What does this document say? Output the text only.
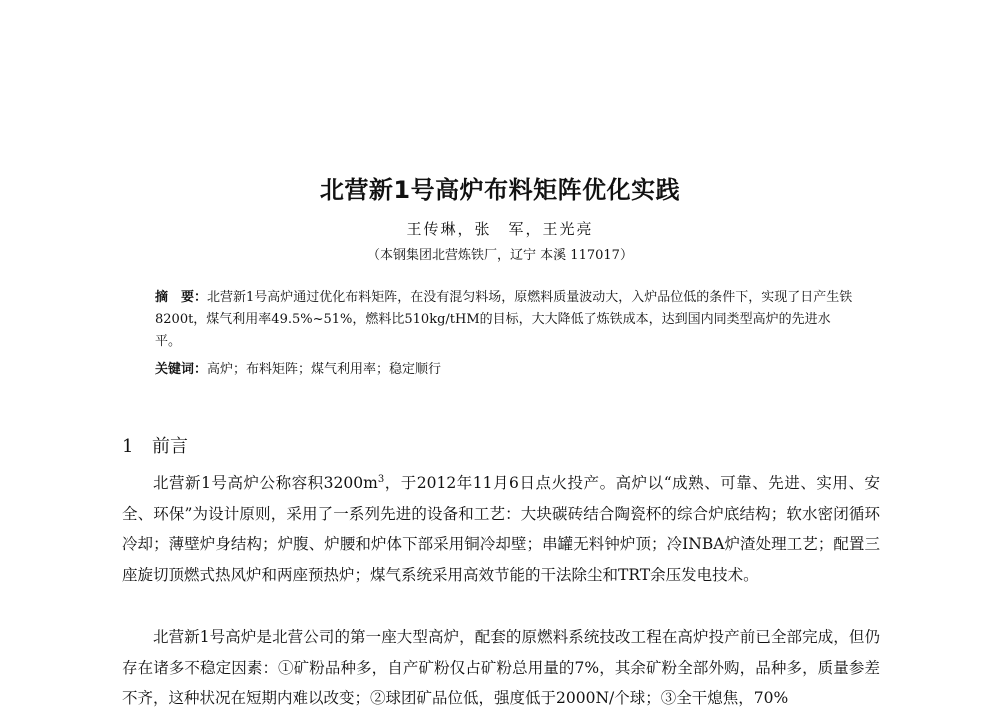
北营新1号高炉布料矩阵优化实践
王传琳，张　军，王光亮
（本钢集团北营炼铁厂，辽宁 本溪 117017）

摘　要：北营新1号高炉通过优化布料矩阵，在没有混匀料场，原燃料质量波动大，入炉品位低的条件下，实现了日产生铁8200t，煤气利用率49.5%~51%，燃料比510kg/tHM的目标，大大降低了炼铁成本，达到国内同类型高炉的先进水平。

关键词：高炉；布料矩阵；煤气利用率；稳定顺行

1 前言

北营新1号高炉公称容积$3200m^3$，于2012年11月6日点火投产。高炉以“成熟、可靠、先进、实用、安全、环保”为设计原则，采用了一系列先进的设备和工艺：大块碳砖结合陶瓷杯的综合炉底结构；软水密闭循环冷却；薄壁炉身结构；炉腹、炉腰和炉体下部采用铜冷却壁；串罐无料钟炉顶；冷INBA炉渣处理工艺；配置三座旋切顶燃式热风炉和两座预热炉；煤气系统采用高效节能的干法除尘和TRT余压发电技术。

北营新1号高炉是北营公司的第一座大型高炉，配套的原燃料系统技改工程在高炉投产前已全部完成，但仍存在诸多不稳定因素：①矿粉品种多，自产矿粉仅占矿粉总用量的7%，其余矿粉全部外购，品种多，质量参差不齐，这种状况在短期内难以改变；②球团矿品位低，强度低于2000N/个球；③全干熄焦，70%
